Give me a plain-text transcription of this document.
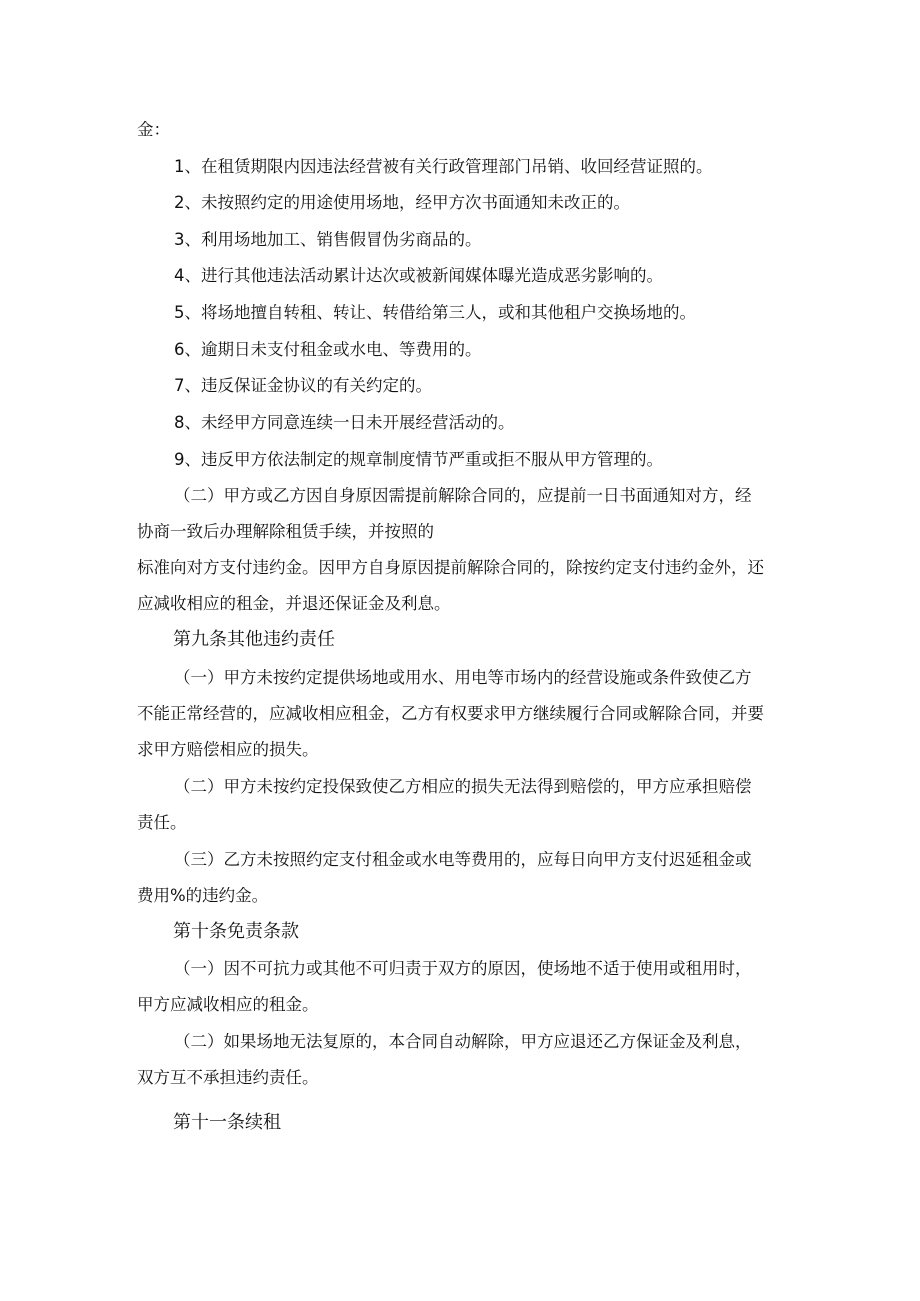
金：

1、在租赁期限内因违法经营被有关行政管理部门吊销、收回经营证照的。

2、未按照约定的用途使用场地，经甲方次书面通知未改正的。

3、利用场地加工、销售假冒伪劣商品的。

4、进行其他违法活动累计达次或被新闻媒体曝光造成恶劣影响的。

5、将场地擅自转租、转让、转借给第三人，或和其他租户交换场地的。

6、逾期日未支付租金或水电、等费用的。

7、违反保证金协议的有关约定的。

8、未经甲方同意连续一日未开展经营活动的。

9、违反甲方依法制定的规章制度情节严重或拒不服从甲方管理的。

（二）甲方或乙方因自身原因需提前解除合同的，应提前一日书面通知对方，经

协商一致后办理解除租赁手续，并按照的

标准向对方支付违约金。因甲方自身原因提前解除合同的，除按约定支付违约金外，还

应减收相应的租金，并退还保证金及利息。

第九条其他违约责任

（一）甲方未按约定提供场地或用水、用电等市场内的经营设施或条件致使乙方

不能正常经营的，应减收相应租金，乙方有权要求甲方继续履行合同或解除合同，并要

求甲方赔偿相应的损失。

（二）甲方未按约定投保致使乙方相应的损失无法得到赔偿的，甲方应承担赔偿

责任。

（三）乙方未按照约定支付租金或水电等费用的，应每日向甲方支付迟延租金或

费用%的违约金。

第十条免责条款

（一）因不可抗力或其他不可归责于双方的原因，使场地不适于使用或租用时，

甲方应减收相应的租金。

（二）如果场地无法复原的，本合同自动解除，甲方应退还乙方保证金及利息，

双方互不承担违约责任。

第十一条续租
